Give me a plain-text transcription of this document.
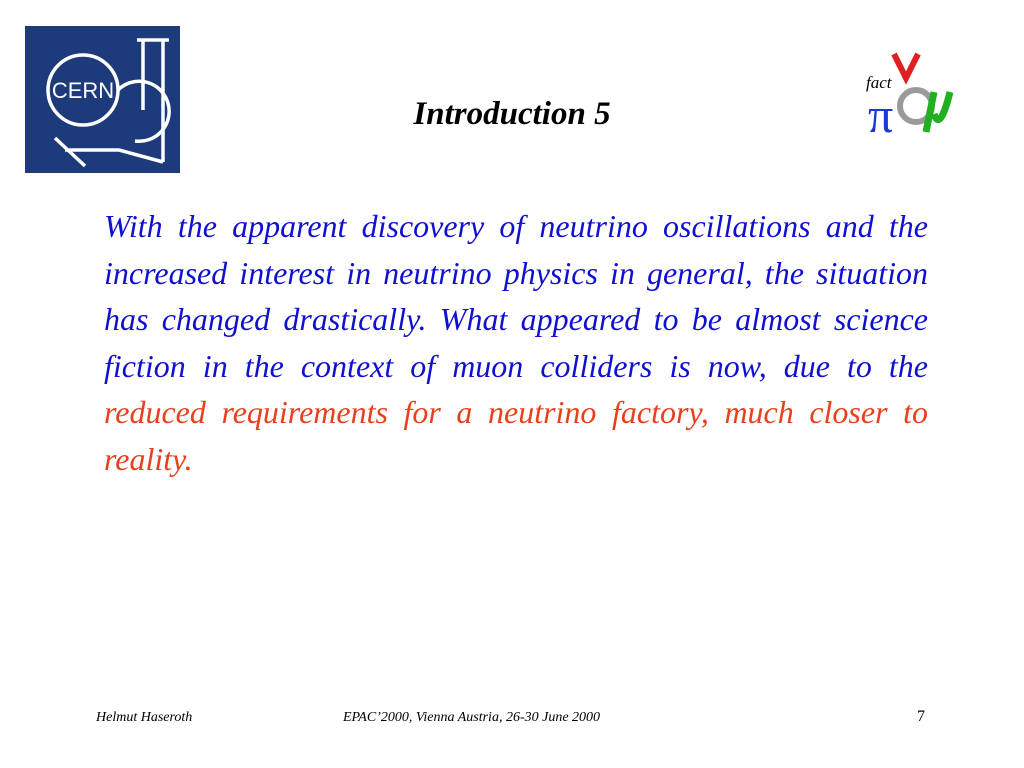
CERN
Introduction 5
fact
π

With the apparent discovery of neutrino oscillations and the increased interest in neutrino physics in general, the situation has changed drastically. What appeared to be almost science fiction in the context of muon colliders is now, due to the reduced requirements for a neutrino factory, much closer to reality.

Helmut Haseroth	EPAC’2000, Vienna Austria, 26-30 June 2000	7
